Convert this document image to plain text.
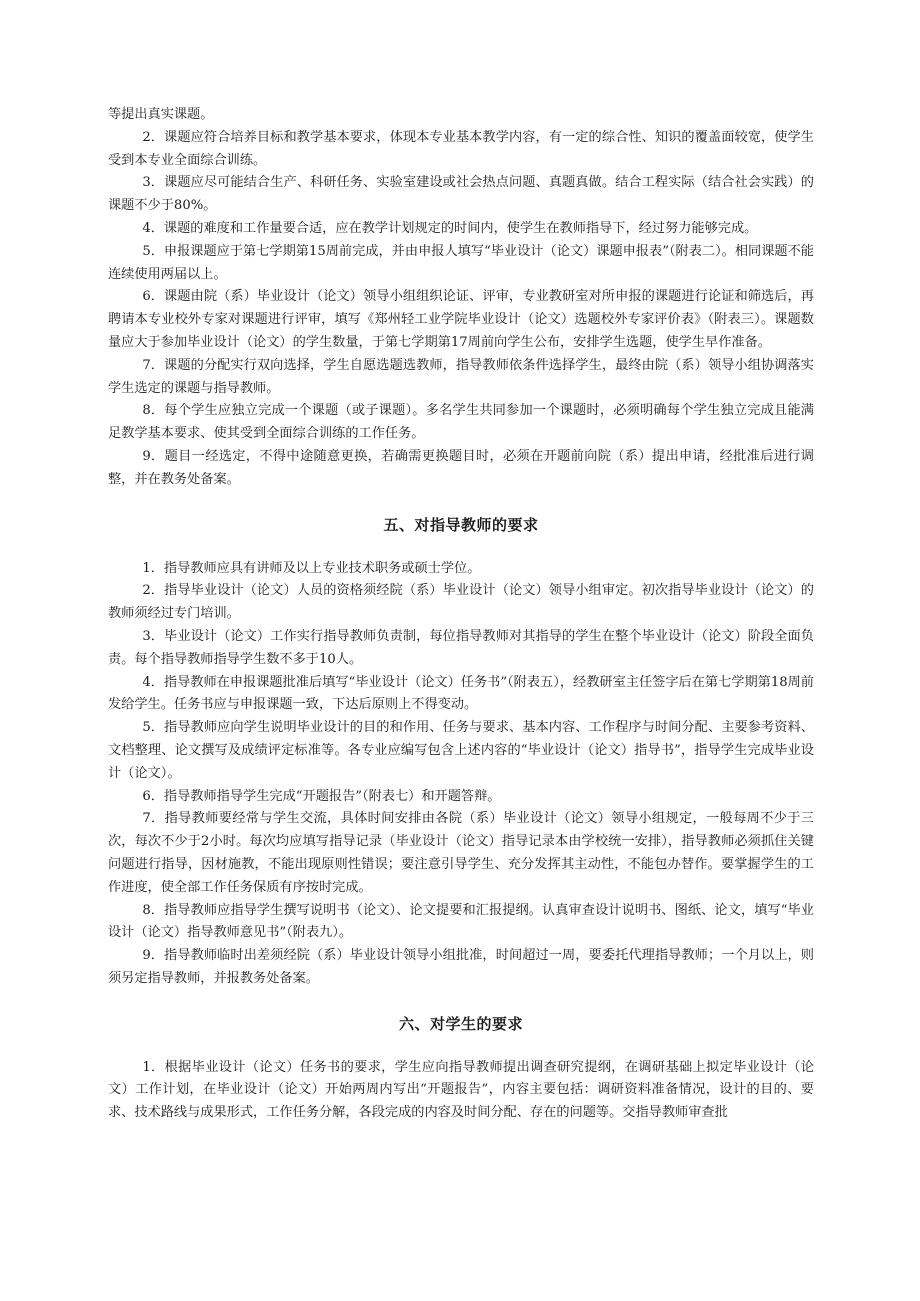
等提出真实课题。

2．课题应符合培养目标和教学基本要求，体现本专业基本教学内容，有一定的综合性、知识的覆盖面较宽，使学生受到本专业全面综合训练。

3．课题应尽可能结合生产、科研任务、实验室建设或社会热点问题、真题真做。结合工程实际（结合社会实践）的课题不少于80%。

4．课题的难度和工作量要合适，应在教学计划规定的时间内，使学生在教师指导下，经过努力能够完成。

5．申报课题应于第七学期第15周前完成，并由申报人填写“毕业设计（论文）课题申报表”（附表二）。相同课题不能连续使用两届以上。

6．课题由院（系）毕业设计（论文）领导小组组织论证、评审，专业教研室对所申报的课题进行论证和筛选后，再聘请本专业校外专家对课题进行评审，填写《郑州轻工业学院毕业设计（论文）选题校外专家评价表》（附表三）。课题数量应大于参加毕业设计（论文）的学生数量，于第七学期第17周前向学生公布，安排学生选题，使学生早作准备。

7．课题的分配实行双向选择，学生自愿选题选教师，指导教师依条件选择学生，最终由院（系）领导小组协调落实学生选定的课题与指导教师。

8．每个学生应独立完成一个课题（或子课题）。多名学生共同参加一个课题时，必须明确每个学生独立完成且能满足教学基本要求、使其受到全面综合训练的工作任务。

9．题目一经选定，不得中途随意更换，若确需更换题目时，必须在开题前向院（系）提出申请，经批准后进行调整，并在教务处备案。

五、对指导教师的要求

1．指导教师应具有讲师及以上专业技术职务或硕士学位。

2．指导毕业设计（论文）人员的资格须经院（系）毕业设计（论文）领导小组审定。初次指导毕业设计（论文）的教师须经过专门培训。

3．毕业设计（论文）工作实行指导教师负责制，每位指导教师对其指导的学生在整个毕业设计（论文）阶段全面负责。每个指导教师指导学生数不多于10人。

4．指导教师在申报课题批准后填写“毕业设计（论文）任务书”（附表五），经教研室主任签字后在第七学期第18周前发给学生。任务书应与申报课题一致，下达后原则上不得变动。

5．指导教师应向学生说明毕业设计的目的和作用、任务与要求、基本内容、工作程序与时间分配、主要参考资料、文档整理、论文撰写及成绩评定标准等。各专业应编写包含上述内容的“毕业设计（论文）指导书”，指导学生完成毕业设计（论文）。

6．指导教师指导学生完成“开题报告”（附表七）和开题答辩。

7．指导教师要经常与学生交流，具体时间安排由各院（系）毕业设计（论文）领导小组规定，一般每周不少于三次，每次不少于2小时。每次均应填写指导记录（毕业设计（论文）指导记录本由学校统一安排），指导教师必须抓住关键问题进行指导，因材施教，不能出现原则性错误；要注意引导学生、充分发挥其主动性，不能包办替作。要掌握学生的工作进度，使全部工作任务保质有序按时完成。

8．指导教师应指导学生撰写说明书（论文）、论文提要和汇报提纲。认真审查设计说明书、图纸、论文，填写“毕业设计（论文）指导教师意见书”（附表九）。

9．指导教师临时出差须经院（系）毕业设计领导小组批准，时间超过一周，要委托代理指导教师；一个月以上，则须另定指导教师，并报教务处备案。

六、对学生的要求

1．根据毕业设计（论文）任务书的要求，学生应向指导教师提出调查研究提纲，在调研基础上拟定毕业设计（论文）工作计划，在毕业设计（论文）开始两周内写出“开题报告”，内容主要包括：调研资料准备情况，设计的目的、要求、技术路线与成果形式，工作任务分解，各段完成的内容及时间分配、存在的问题等。交指导教师审查批
